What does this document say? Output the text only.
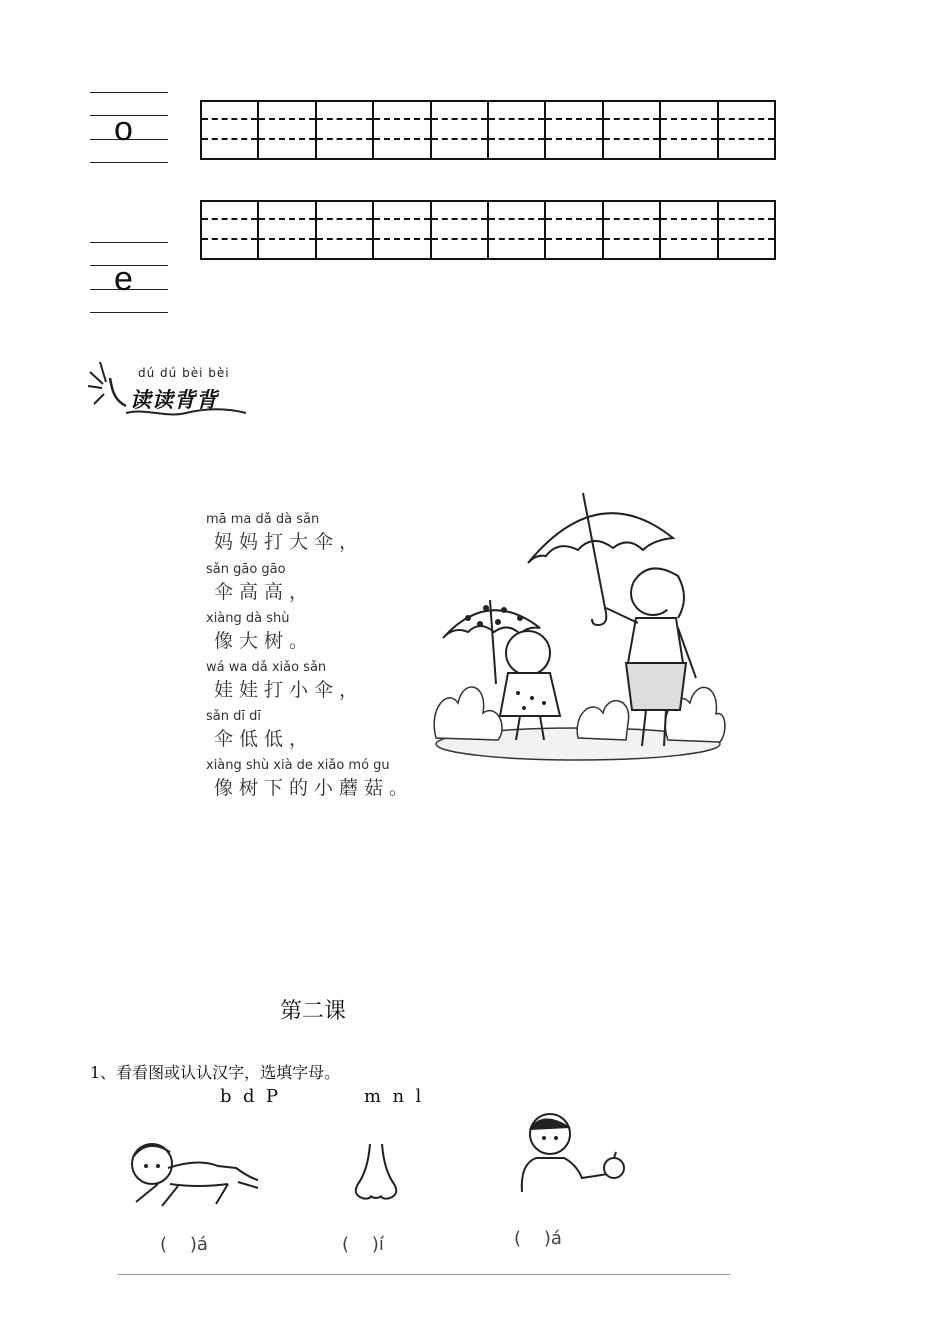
o
e
dú dú bèi bèi
读读背背
mā ma dǎ dà sǎn
妈妈打大伞，
sǎn gāo gāo
伞高高，
xiàng dà shù
像大树。
wá wa dǎ xiǎo sǎn
娃娃打小伞，
sǎn dī dī
伞低低，
xiàng shù xià de xiǎo mó gu
像树下的小蘑菇。
第二课
1、看看图或认认汉字，选填字母。
b  d  P	m  n  l
(    )á	(    )í	(    )á
